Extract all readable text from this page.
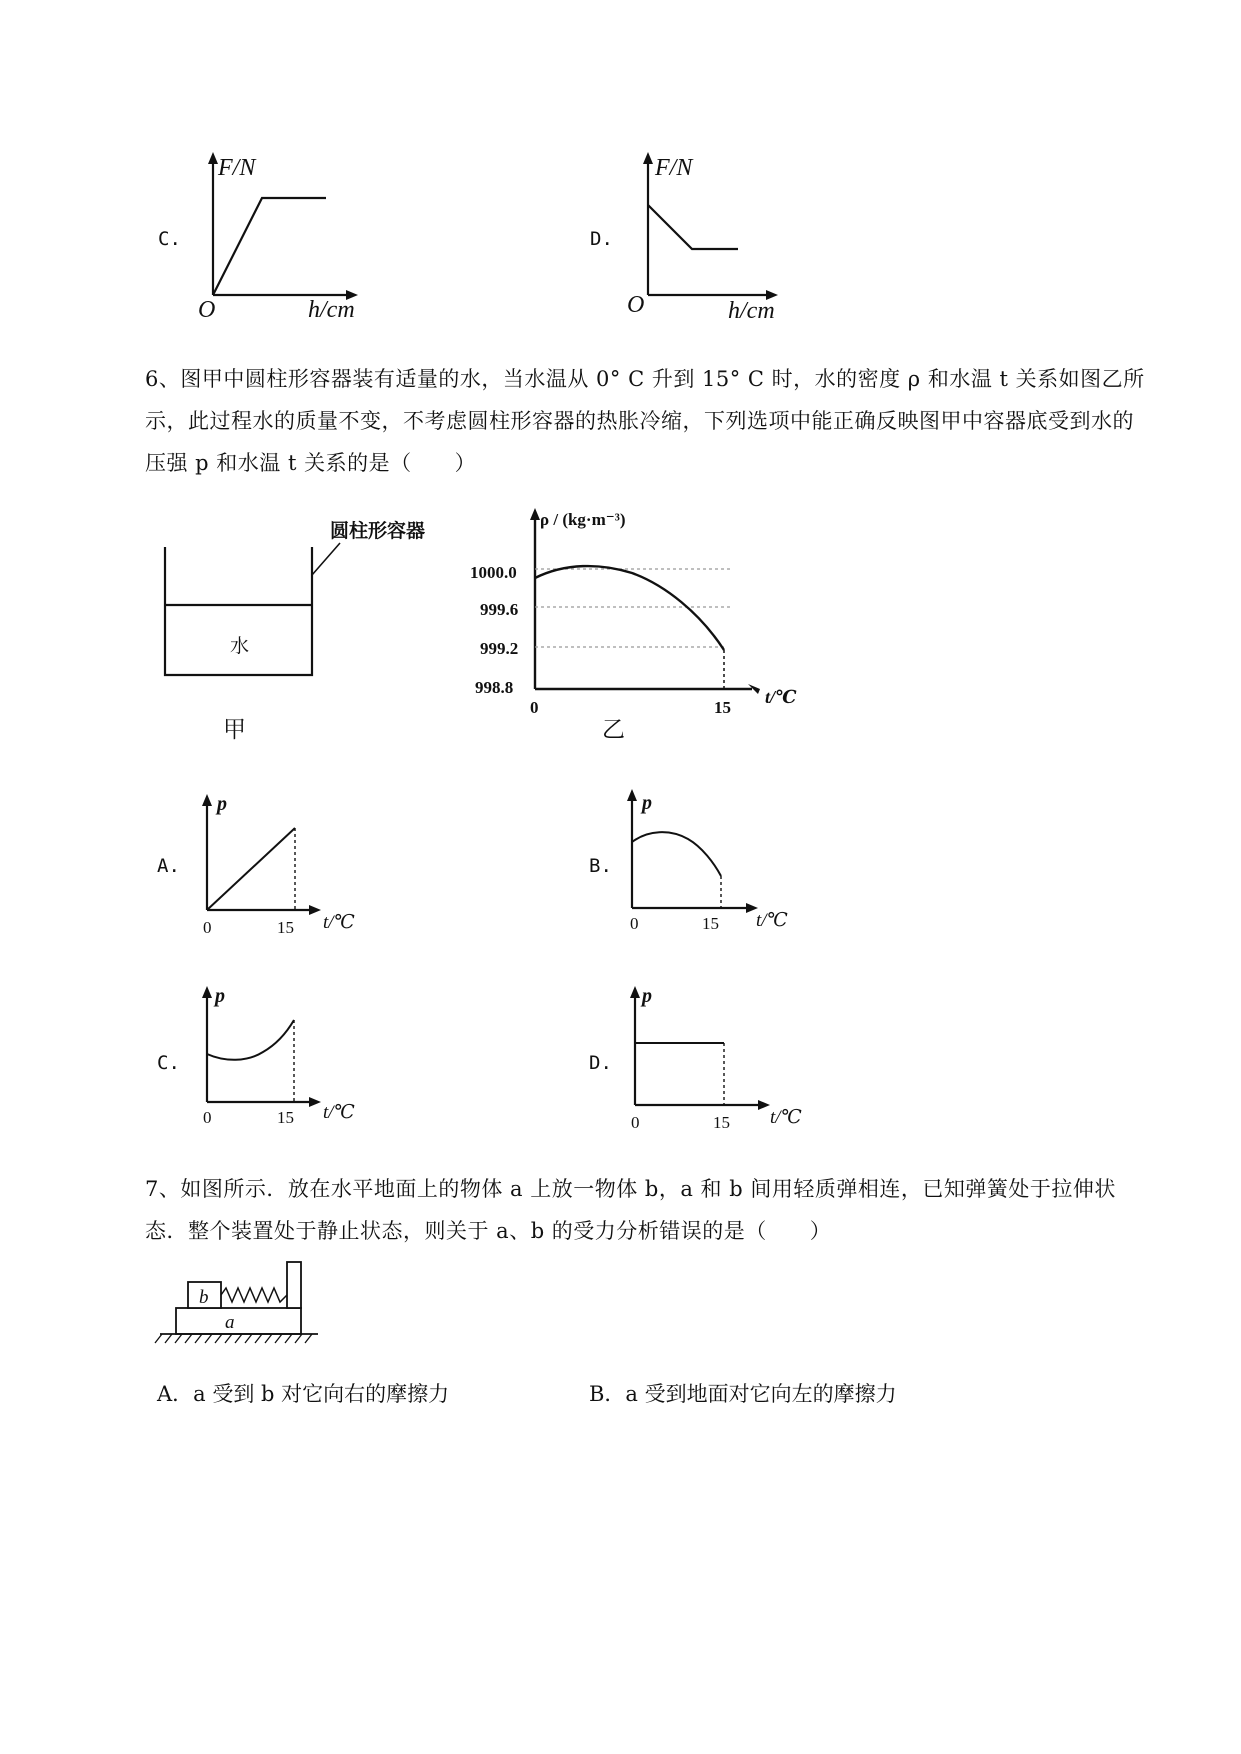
C.
F/N
O	h/cm
D.
F/N
O	h/cm
6、图甲中圆柱形容器装有适量的水，当水温从 0° C 升到 15° C 时，水的密度 ρ 和水温 t 关系如图乙所示，此过程水的质量不变，不考虑圆柱形容器的热胀冷缩，下列选项中能正确反映图甲中容器底受到水的压强 p 和水温 t 关系的是（　　）
圆柱形容器
水
甲
ρ / (kg·m⁻³)
1000.0
999.6
999.2
998.8
0	15
t/℃
乙
A.
p
0	15 t/℃
B.
p
0	15 t/℃
C.
p
0	15 t/℃
D.
p
0	15 t/℃
7、如图所示．放在水平地面上的物体 a 上放一物体 b，a 和 b 间用轻质弹相连，已知弹簧处于拉伸状态．整个装置处于静止状态，则关于 a、b 的受力分析错误的是（　　）
b
a
A．a 受到 b 对它向右的摩擦力	B．a 受到地面对它向左的摩擦力
